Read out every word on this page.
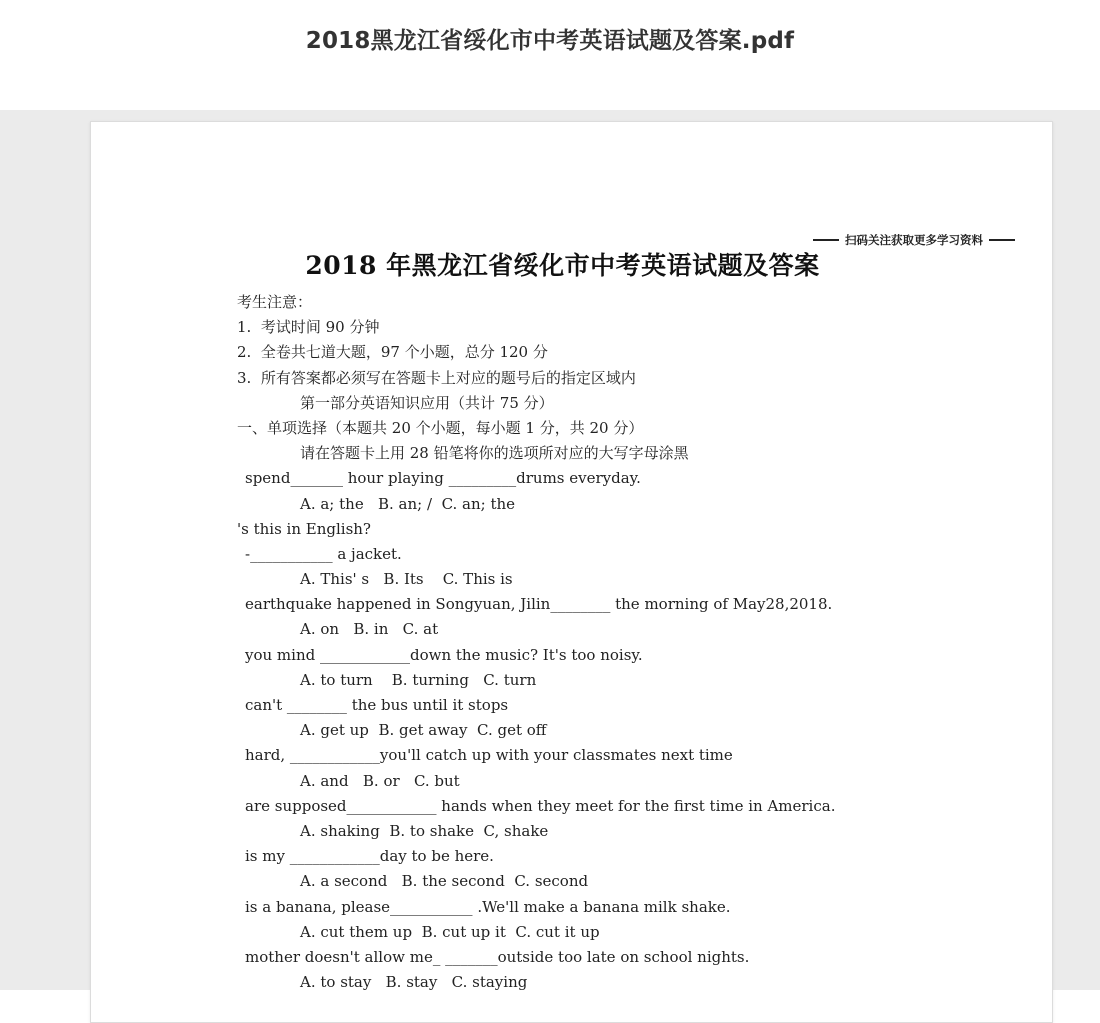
2018黑龙江省绥化市中考英语试题及答案.pdf
扫码关注获取更多学习资料
2018 年黑龙江省绥化市中考英语试题及答案
考生注意：
1.  考试时间 90 分钟
2.  全卷共七道大题，97 个小题，总分 120 分
3.  所有答案都必须写在答题卡上对应的题号后的指定区域内
第一部分英语知识应用（共计 75 分）
一、单项选择（本题共 20 个小题，每小题 1 分，共 20 分）
请在答题卡上用 28 铅笔将你的选项所对应的大写字母涂黑
spend_______ hour playing _________drums everyday.
A. a; the   B. an; /  C. an; the
's this in English?
-___________ a jacket.
A. This' s   B. Its    C. This is
earthquake happened in Songyuan, Jilin________ the morning of May28,2018.
A. on   B. in   C. at
you mind ____________down the music? It's too noisy.
A. to turn    B. turning   C. turn
can't ________ the bus until it stops
A. get up  B. get away  C. get off
hard, ____________you'll catch up with your classmates next time
A. and   B. or   C. but
are supposed____________ hands when they meet for the first time in America.
A. shaking  B. to shake  C, shake
is my ____________day to be here.
A. a second   B. the second  C. second
is a banana, please___________ .We'll make a banana milk shake.
A. cut them up  B. cut up it  C. cut it up
mother doesn't allow me_ _______outside too late on school nights.
A. to stay   B. stay   C. staying
